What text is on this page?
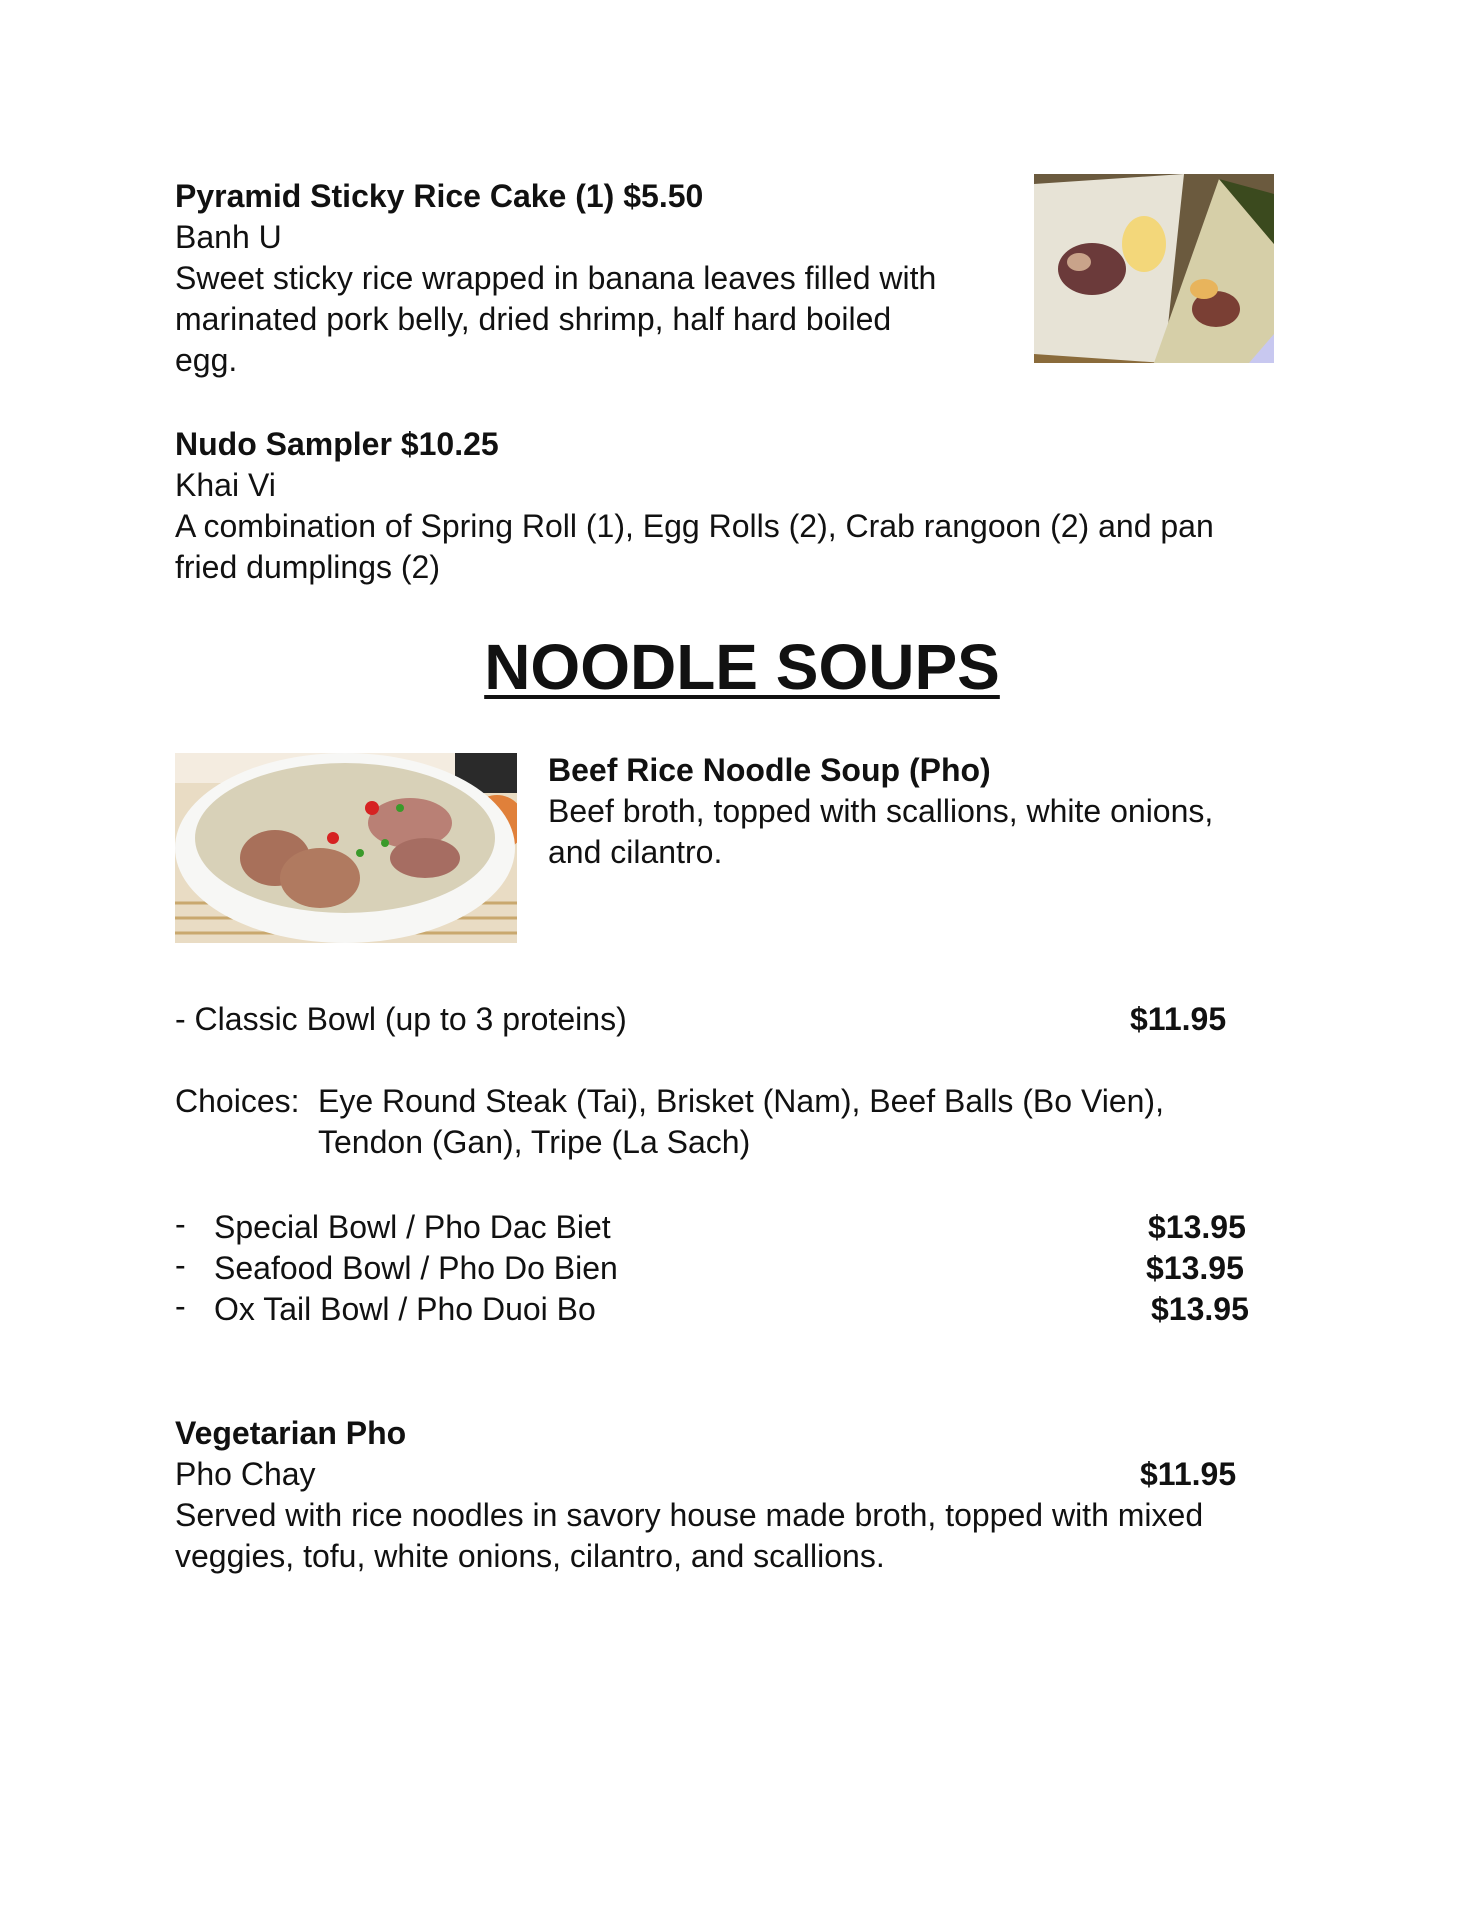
Pyramid Sticky Rice Cake (1) $5.50
Banh U
Sweet sticky rice wrapped in banana leaves filled with
marinated pork belly, dried shrimp, half hard boiled
egg.
Nudo Sampler $10.25
Khai Vi
A combination of Spring Roll (1), Egg Rolls (2), Crab rangoon (2) and pan
fried dumplings (2)
NOODLE SOUPS
Beef Rice Noodle Soup (Pho)
Beef broth, topped with scallions, white onions,
and cilantro.
- Classic Bowl (up to 3 proteins)	$11.95
Choices: Eye Round Steak (Tai), Brisket (Nam), Beef Balls (Bo Vien),
Tendon (Gan), Tripe (La Sach)
- Special Bowl / Pho Dac Biet	$13.95
- Seafood Bowl / Pho Do Bien	$13.95
- Ox Tail Bowl / Pho Duoi Bo	$13.95
Vegetarian Pho
Pho Chay	$11.95
Served with rice noodles in savory house made broth, topped with mixed
veggies, tofu, white onions, cilantro, and scallions.
